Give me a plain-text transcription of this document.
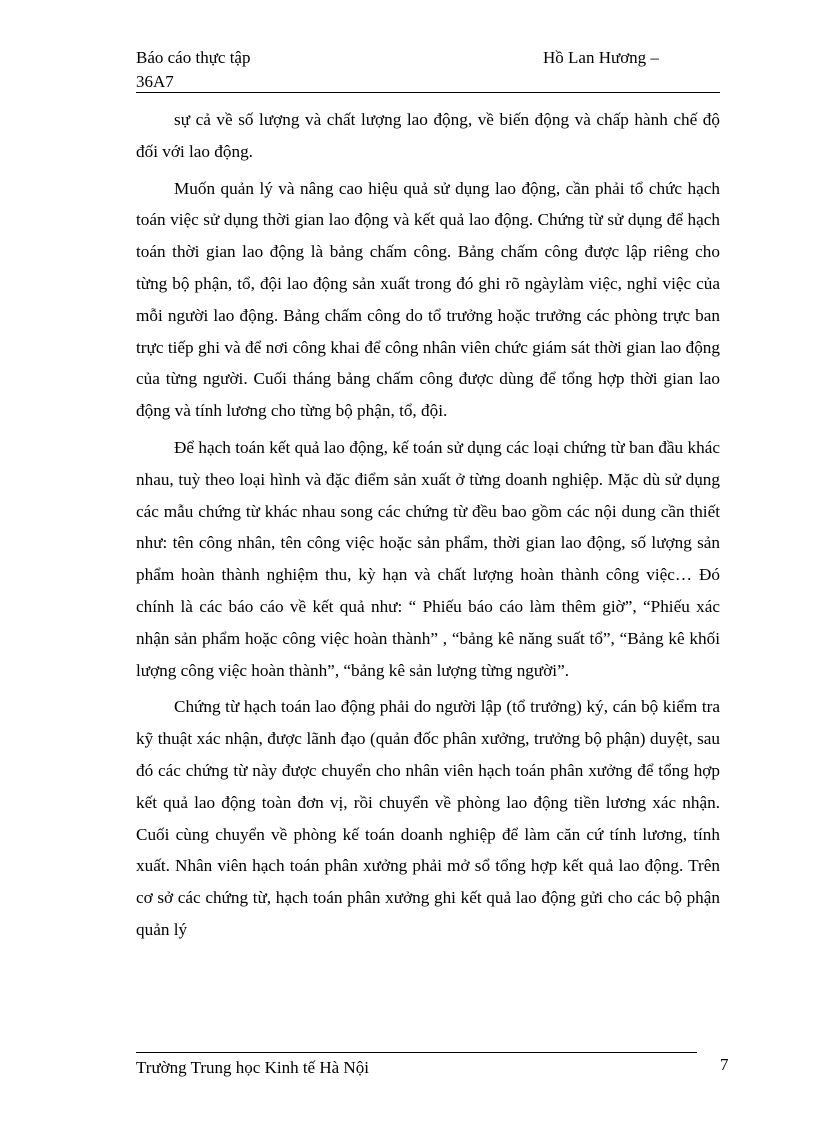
Báo cáo thực tập
36A7
Hồ Lan Hương –

sự cả về số lượng và chất lượng lao động, về biến động và chấp hành chế độ đối với lao động.

Muốn quản lý và nâng cao hiệu quả sử dụng lao động, cần phải tổ chức hạch toán việc sử dụng thời gian lao động và kết quả lao động. Chứng từ sử dụng để hạch toán thời gian lao động là bảng chấm công. Bảng chấm công được lập riêng cho từng bộ phận, tổ, đội lao động sản xuất trong đó ghi rõ ngàylàm việc, nghỉ việc của mỗi người lao động. Bảng chấm công do tổ trưởng hoặc trưởng các phòng trực ban trực tiếp ghi và để nơi công khai để công nhân viên chức giám sát thời gian lao động của từng người. Cuối tháng bảng chấm công được dùng để tổng hợp thời gian lao động và tính lương cho từng bộ phận, tổ, đội.

Để hạch toán kết quả lao động, kế toán sử dụng các loại chứng từ ban đầu khác nhau, tuỳ theo loại hình và đặc điểm sản xuất ở từng doanh nghiệp. Mặc dù sử dụng các mẫu chứng từ khác nhau song các chứng từ đều bao gồm các nội dung cần thiết như: tên công nhân, tên công việc hoặc sản phẩm, thời gian lao động, số lượng sản phẩm hoàn thành nghiệm thu, kỳ hạn và chất lượng hoàn thành công việc… Đó chính là các báo cáo về kết quả như: “ Phiếu báo cáo làm thêm giờ”, “Phiếu xác nhận sản phẩm hoặc công việc hoàn thành” , “bảng kê năng suất tổ”, “Bảng kê khối lượng công việc hoàn thành”, “bảng kê sản lượng từng người”.

Chứng từ hạch toán lao động phải do người lập (tổ trưởng) ký, cán bộ kiểm tra kỹ thuật xác nhận, được lãnh đạo (quản đốc phân xưởng, trưởng bộ phận) duyệt, sau đó các chứng từ này được chuyển cho nhân viên hạch toán phân xưởng để tổng hợp kết quả lao động toàn đơn vị, rồi chuyển về phòng lao động tiền lương xác nhận. Cuối cùng chuyển về phòng kế toán doanh nghiệp để làm căn cứ tính lương, tính xuất. Nhân viên hạch toán phân xưởng phải mở sổ tổng hợp kết quả lao động. Trên cơ sở các chứng từ, hạch toán phân xưởng ghi kết quả lao động gửi cho các bộ phận quản lý

Trường Trung học Kinh tế Hà Nội	7
